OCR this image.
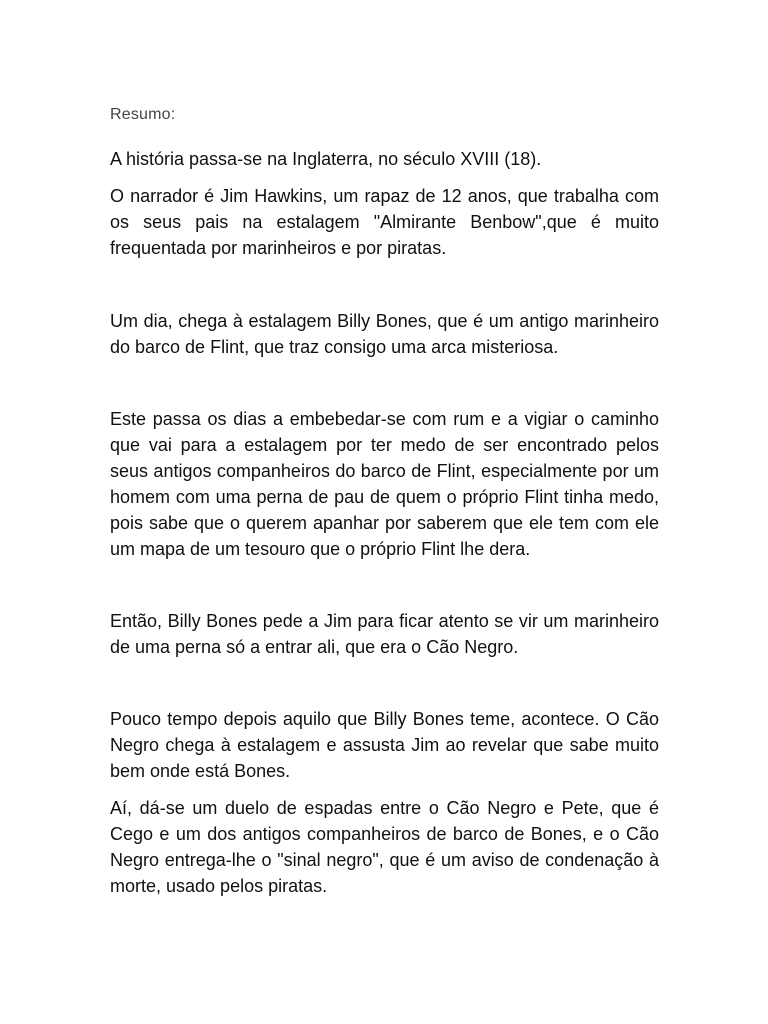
Resumo:

A história passa-se na Inglaterra, no século XVIII (18).

O narrador é Jim Hawkins, um rapaz de 12 anos, que trabalha com os seus pais na estalagem "Almirante Benbow",que é muito frequentada por marinheiros e por piratas.

Um dia, chega à estalagem Billy Bones, que é um antigo marinheiro do barco de Flint, que traz consigo uma arca misteriosa.

Este passa os dias a embebedar-se com rum e a vigiar o caminho que vai para a estalagem por ter medo de ser encontrado pelos seus antigos companheiros do barco de Flint, especialmente por um homem com uma perna de pau de quem o próprio Flint tinha medo, pois sabe que o querem apanhar por saberem que ele tem com ele um mapa de um tesouro que o próprio Flint lhe dera.

Então, Billy Bones pede a Jim para ficar atento se vir um marinheiro de uma perna só a entrar ali, que era o Cão Negro.

Pouco tempo depois aquilo que Billy Bones teme, acontece. O Cão Negro chega à estalagem e assusta Jim ao revelar que sabe muito bem onde está Bones.

Aí, dá-se um duelo de espadas entre o Cão Negro e Pete, que é Cego e um dos antigos companheiros de barco de Bones, e o Cão Negro entrega-lhe o "sinal negro", que é um aviso de condenação à morte, usado pelos piratas.
